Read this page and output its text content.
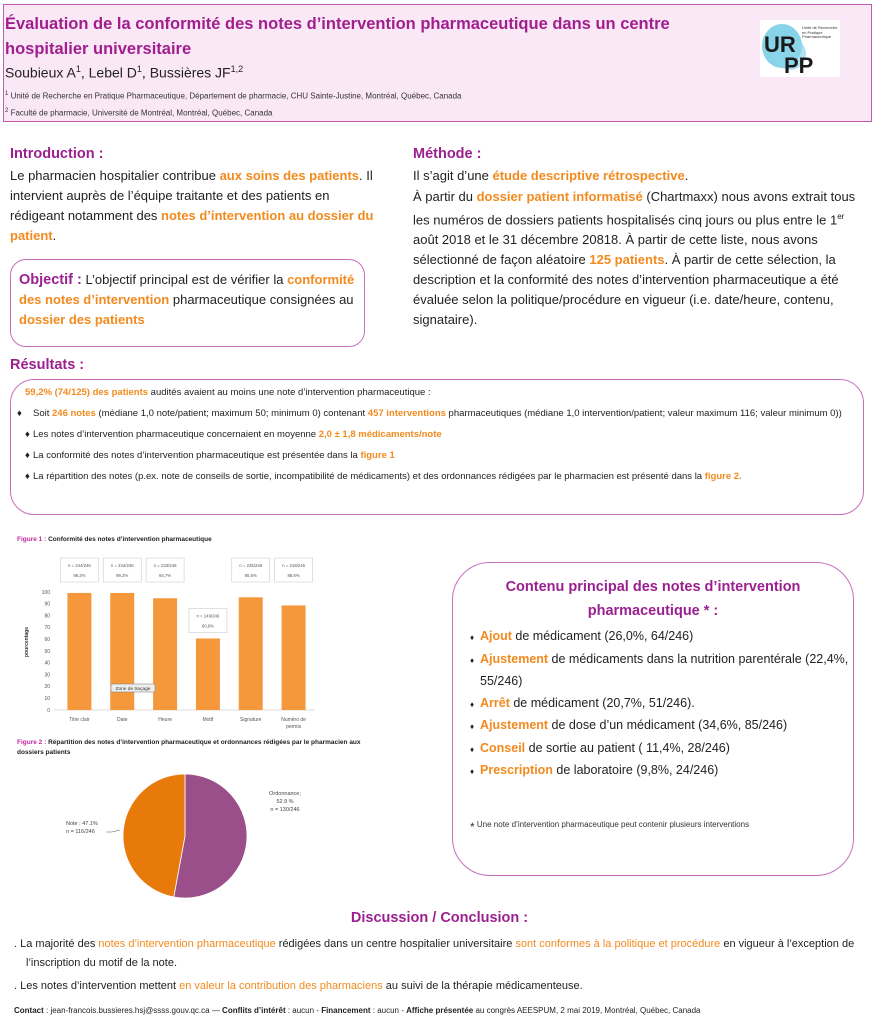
Évaluation de la conformité des notes d’intervention pharmaceutique dans un centre hospitalier universitaire
Soubieux $A^1$, Lebel $D^1$, Bussières JF$^{1,2}$
$^1$ Unité de Recherche en Pratique Pharmaceutique, Département de pharmacie, CHU Sainte-Justine, Montréal, Québec, Canada
$^2$ Faculté de pharmacie, Université de Montréal, Montréal, Québec, Canada
UR
PP
Unité de Recherche en Pratique Pharmaceutique
Introduction :
Le pharmacien hospitalier contribue aux soins des patients. Il intervient auprès de l’équipe traitante et des patients en rédigeant notamment des notes d’intervention au dossier du patient.
Objectif : L’objectif principal est de vérifier la conformité des notes d’intervention pharmaceutique consignées au dossier des patients
Méthode :
Il s’agit d’une étude descriptive rétrospective.
À partir du dossier patient informatisé (Chartmaxx) nous avons extrait tous les numéros de dossiers patients hospitalisés cinq jours ou plus entre le 1er août 2018 et le 31 décembre 20818. À partir de cette liste, nous avons sélectionné de façon aléatoire 125 patients. À partir de cette sélection, la description et la conformité des notes d’intervention pharmaceutique a été évaluée selon la politique/procédure en vigueur (i.e. date/heure, contenu, signataire).
Résultats :
59,2% (74/125) des patients audités avaient au moins une note d’intervention pharmaceutique :
♦ Soit 246 notes (médiane 1,0 note/patient; maximum 50; minimum 0) contenant 457 interventions pharmaceutiques (médiane 1,0 intervention/patient; valeur maximum 116; valeur minimum 0))
♦ Les notes d’intervention pharmaceutique concernaient en moyenne 2,0 ± 1,8 médicaments/note
♦ La conformité des notes d’intervention pharmaceutique est présentée dans la figure 1
♦ La répartition des notes (p.ex. note de conseils de sortie, incompatibilité de médicaments) et des ordonnances rédigées par le pharmacien est présenté dans la figure 2.
Figure 1 : Conformité des notes d’intervention pharmaceutique
pourcentage
0
10
20
30
40
50
60
70
80
90
100
n = 244/246
99,2%
n = 244/246
99,2%
n = 233/246
94,7%
n = 149/246
60,6%
n = 235/246
95,5%
n = 218/246
88,6%
Titre clair	Date	Heure	Motif	Signature	Numéro de permis
Zone de traçage
Figure 2 : Répartition des notes d’intervention pharmaceutique et ordonnances rédigées par le pharmacien aux dossiers patients
Ordonnance;
52.9 %
n = 130/246
Note ; 47.1%
n = 116/246
Contenu principal des notes d’intervention pharmaceutique * :
♦ Ajout de médicament (26,0%, 64/246)
♦ Ajustement de médicaments dans la nutrition parentérale (22,4%, 55/246)
♦ Arrêt de médicament (20,7%, 51/246).
♦ Ajustement de dose d’un médicament (34,6%, 85/246)
♦ Conseil de sortie au patient ( 11,4%, 28/246)
♦ Prescription de laboratoire (9,8%, 24/246)
* Une note d’intervention pharmaceutique peut contenir plusieurs interventions
Discussion / Conclusion :
. La majorité des notes d’intervention pharmaceutique rédigées dans un centre hospitalier universitaire sont conformes à la politique et procédure en vigueur à l’exception de l’inscription du motif de la note.
. Les notes d’intervention mettent en valeur la contribution des pharmaciens au suivi de la thérapie médicamenteuse.
Contact : jean-francois.bussieres.hsj@ssss.gouv.qc.ca — Conflits d’intérêt : aucun - Financement : aucun - Affiche présentée au congrès AEESPUM, 2 mai 2019, Montréal, Québec, Canada
